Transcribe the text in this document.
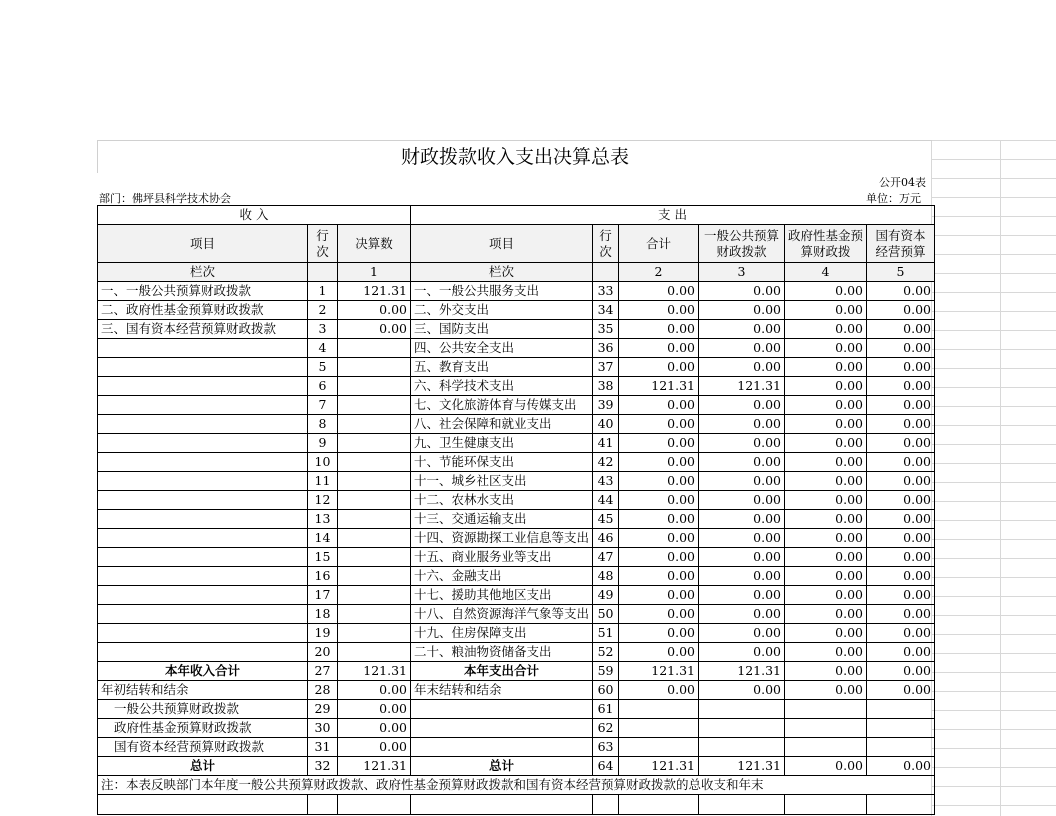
财政拨款收入支出决算总表
公开04表
部门：佛坪县科学技术协会	单位：万元
收 入			支 出					
项目	行次	决算数	项目	行次	合计	一般公共预算财政拨款	政府性基金预算财政拨	国有资本经营预算
栏次		1	栏次		2	3	4	5
一、一般公共预算财政拨款	1	121.31	一、一般公共服务支出	33	0.00	0.00	0.00	0.00
二、政府性基金预算财政拨款	2	0.00	二、外交支出	34	0.00	0.00	0.00	0.00
三、国有资本经营预算财政拨款	3	0.00	三、国防支出	35	0.00	0.00	0.00	0.00
	4		四、公共安全支出	36	0.00	0.00	0.00	0.00
	5		五、教育支出	37	0.00	0.00	0.00	0.00
	6		六、科学技术支出	38	121.31	121.31	0.00	0.00
	7		七、文化旅游体育与传媒支出	39	0.00	0.00	0.00	0.00
	8		八、社会保障和就业支出	40	0.00	0.00	0.00	0.00
	9		九、卫生健康支出	41	0.00	0.00	0.00	0.00
	10		十、节能环保支出	42	0.00	0.00	0.00	0.00
	11		十一、城乡社区支出	43	0.00	0.00	0.00	0.00
	12		十二、农林水支出	44	0.00	0.00	0.00	0.00
	13		十三、交通运输支出	45	0.00	0.00	0.00	0.00
	14		十四、资源勘探工业信息等支出	46	0.00	0.00	0.00	0.00
	15		十五、商业服务业等支出	47	0.00	0.00	0.00	0.00
	16		十六、金融支出	48	0.00	0.00	0.00	0.00
	17		十七、援助其他地区支出	49	0.00	0.00	0.00	0.00
	18		十八、自然资源海洋气象等支出	50	0.00	0.00	0.00	0.00
	19		十九、住房保障支出	51	0.00	0.00	0.00	0.00
	20		二十、粮油物资储备支出	52	0.00	0.00	0.00	0.00
本年收入合计	27	121.31	本年支出合计	59	121.31	121.31	0.00	0.00
年初结转和结余	28	0.00	年末结转和结余	60	0.00	0.00	0.00	0.00
一般公共预算财政拨款	29	0.00		61				
政府性基金预算财政拨款	30	0.00		62				
国有资本经营预算财政拨款	31	0.00		63				
总计	32	121.31	总计	64	121.31	121.31	0.00	0.00
注：本表反映部门本年度一般公共预算财政拨款、政府性基金预算财政拨款和国有资本经营预算财政拨款的总收支和年末								
